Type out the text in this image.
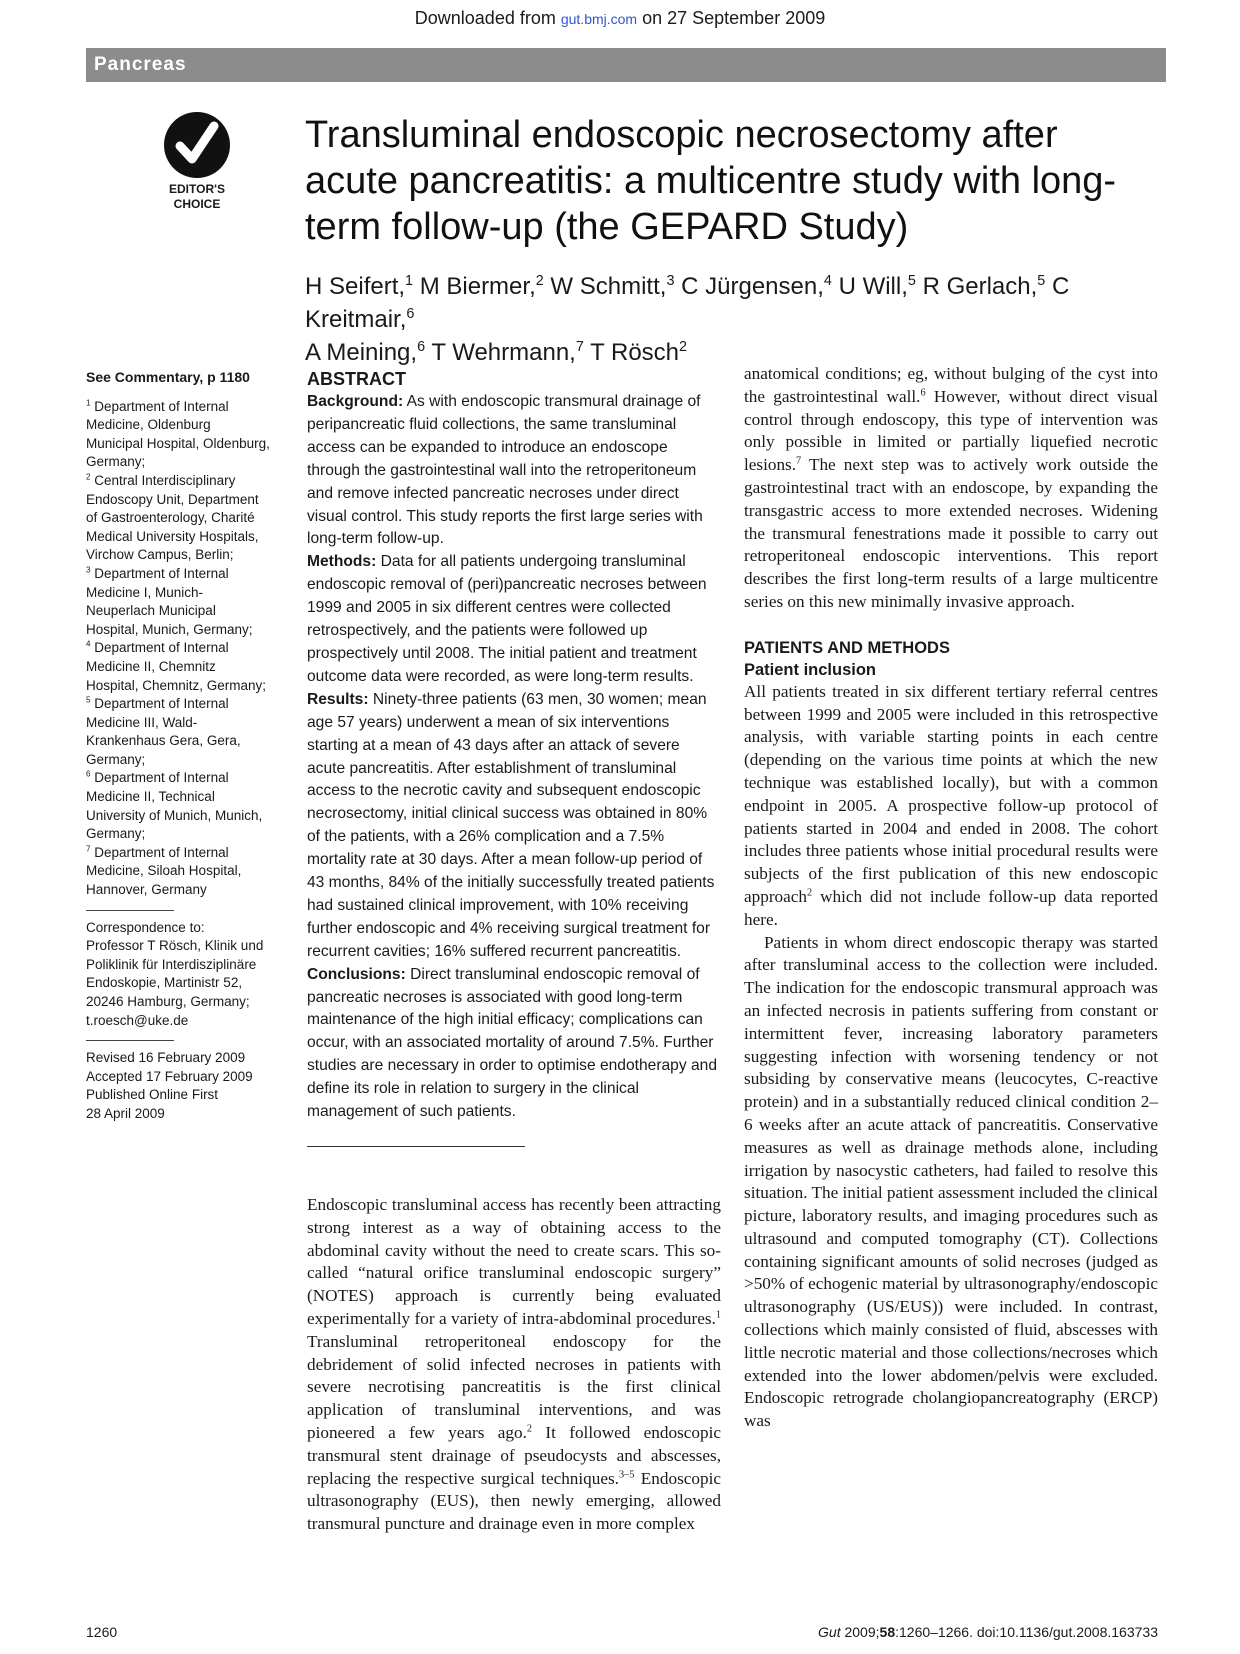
Downloaded from gut.bmj.com on 27 September 2009
Pancreas
EDITOR'S
CHOICE
Transluminal endoscopic necrosectomy after acute pancreatitis: a multicentre study with long-term follow-up (the GEPARD Study)
H Seifert,$^1$ M Biermer,$^2$ W Schmitt,$^3$ C Jürgensen,$^4$ U Will,$^5$ R Gerlach,$^5$ C Kreitmair,$^6$
A Meining,$^6$ T Wehrmann,$^7$ T Rösch$^2$
See Commentary, p 1180
$^1$ Department of Internal Medicine, Oldenburg Municipal Hospital, Oldenburg, Germany;
$^2$ Central Interdisciplinary Endoscopy Unit, Department of Gastroenterology, Charité Medical University Hospitals, Virchow Campus, Berlin;
$^3$ Department of Internal Medicine I, Munich-Neuperlach Municipal Hospital, Munich, Germany;
$^4$ Department of Internal Medicine II, Chemnitz Hospital, Chemnitz, Germany;
$^5$ Department of Internal Medicine III, Wald-Krankenhaus Gera, Gera, Germany;
$^6$ Department of Internal Medicine II, Technical University of Munich, Munich, Germany;
$^7$ Department of Internal Medicine, Siloah Hospital, Hannover, Germany
Correspondence to:
Professor T Rösch, Klinik und Poliklinik für Interdisziplinäre Endoskopie, Martinistr 52, 20246 Hamburg, Germany;
t.roesch@uke.de
Revised 16 February 2009
Accepted 17 February 2009
Published Online First
28 April 2009
ABSTRACT

Background: As with endoscopic transmural drainage of peripancreatic fluid collections, the same transluminal access can be expanded to introduce an endoscope through the gastrointestinal wall into the retroperitoneum and remove infected pancreatic necroses under direct visual control. This study reports the first large series with long-term follow-up.

Methods: Data for all patients undergoing transluminal endoscopic removal of (peri)pancreatic necroses between 1999 and 2005 in six different centres were collected retrospectively, and the patients were followed up prospectively until 2008. The initial patient and treatment outcome data were recorded, as were long-term results.

Results: Ninety-three patients (63 men, 30 women; mean age 57 years) underwent a mean of six interventions starting at a mean of 43 days after an attack of severe acute pancreatitis. After establishment of transluminal access to the necrotic cavity and subsequent endoscopic necrosectomy, initial clinical success was obtained in 80% of the patients, with a 26% complication and a 7.5% mortality rate at 30 days. After a mean follow-up period of 43 months, 84% of the initially successfully treated patients had sustained clinical improvement, with 10% receiving further endoscopic and 4% receiving surgical treatment for recurrent cavities; 16% suffered recurrent pancreatitis.

Conclusions: Direct transluminal endoscopic removal of pancreatic necroses is associated with good long-term maintenance of the high initial efficacy; complications can occur, with an associated mortality of around 7.5%. Further studies are necessary in order to optimise endotherapy and define its role in relation to surgery in the clinical management of such patients.

Endoscopic transluminal access has recently been attracting strong interest as a way of obtaining access to the abdominal cavity without the need to create scars. This so-called “natural orifice transluminal endoscopic surgery” (NOTES) approach is currently being evaluated experimentally for a variety of intra-abdominal procedures.$^1$ Transluminal retroperitoneal endoscopy for the debridement of solid infected necroses in patients with severe necrotising pancreatitis is the first clinical application of transluminal interventions, and was pioneered a few years ago.$^2$ It followed endoscopic transmural stent drainage of pseudocysts and abscesses, replacing the respective surgical techniques.$^{3-5}$ Endoscopic ultrasonography (EUS), then newly emerging, allowed transmural puncture and drainage even in more complex

anatomical conditions; eg, without bulging of the cyst into the gastrointestinal wall.$^6$ However, without direct visual control through endoscopy, this type of intervention was only possible in limited or partially liquefied necrotic lesions.$^7$ The next step was to actively work outside the gastrointestinal tract with an endoscope, by expanding the transgastric access to more extended necroses. Widening the transmural fenestrations made it possible to carry out retroperitoneal endoscopic interventions. This report describes the first long-term results of a large multicentre series on this new minimally invasive approach.

PATIENTS AND METHODS
Patient inclusion

All patients treated in six different tertiary referral centres between 1999 and 2005 were included in this retrospective analysis, with variable starting points in each centre (depending on the various time points at which the new technique was established locally), but with a common endpoint in 2005. A prospective follow-up protocol of patients started in 2004 and ended in 2008. The cohort includes three patients whose initial procedural results were subjects of the first publication of this new endoscopic approach$^2$ which did not include follow-up data reported here.

Patients in whom direct endoscopic therapy was started after transluminal access to the collection were included. The indication for the endoscopic transmural approach was an infected necrosis in patients suffering from constant or intermittent fever, increasing laboratory parameters suggesting infection with worsening tendency or not subsiding by conservative means (leucocytes, C-reactive protein) and in a substantially reduced clinical condition 2–6 weeks after an acute attack of pancreatitis. Conservative measures as well as drainage methods alone, including irrigation by nasocystic catheters, had failed to resolve this situation. The initial patient assessment included the clinical picture, laboratory results, and imaging procedures such as ultrasound and computed tomography (CT). Collections containing significant amounts of solid necroses (judged as >50% of echogenic material by ultrasonography/endoscopic ultrasonography (US/EUS)) were included. In contrast, collections which mainly consisted of fluid, abscesses with little necrotic material and those collections/necroses which extended into the lower abdomen/pelvis were excluded. Endoscopic retrograde cholangiopancreatography (ERCP) was

1260	Gut 2009;58:1260–1266. doi:10.1136/gut.2008.163733
